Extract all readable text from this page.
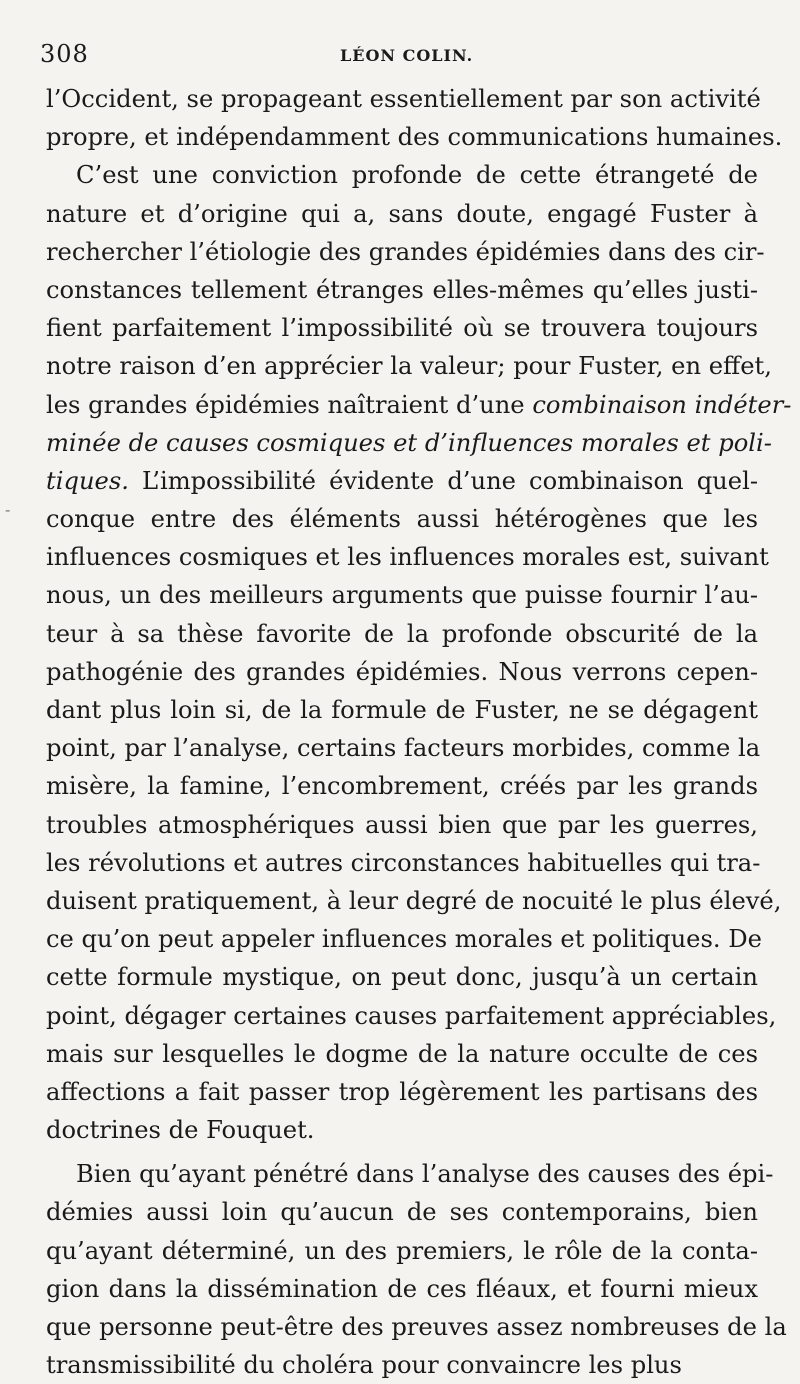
308	LÉON COLIN.
-
l’Occident, se propageant essentiellement par son activité
propre, et indépendamment des communications humaines.
C’est une conviction profonde de cette étrangeté de
nature et d’origine qui a, sans doute, engagé Fuster à
rechercher l’étiologie des grandes épidémies dans des cir-
constances tellement étranges elles-mêmes qu’elles justi-
fient parfaitement l’impossibilité où se trouvera toujours
notre raison d’en apprécier la valeur; pour Fuster, en effet,
les grandes épidémies naîtraient d’une combinaison indéter-
minée de causes cosmiques et d’influences morales et poli-
tiques. L’impossibilité évidente d’une combinaison quel-
conque entre des éléments aussi hétérogènes que les
influences cosmiques et les influences morales est, suivant
nous, un des meilleurs arguments que puisse fournir l’au-
teur à sa thèse favorite de la profonde obscurité de la
pathogénie des grandes épidémies. Nous verrons cepen-
dant plus loin si, de la formule de Fuster, ne se dégagent
point, par l’analyse, certains facteurs morbides, comme la
misère, la famine, l’encombrement, créés par les grands
troubles atmosphériques aussi bien que par les guerres,
les révolutions et autres circonstances habituelles qui tra-
duisent pratiquement, à leur degré de nocuité le plus élevé,
ce qu’on peut appeler influences morales et politiques. De
cette formule mystique, on peut donc, jusqu’à un certain
point, dégager certaines causes parfaitement appréciables,
mais sur lesquelles le dogme de la nature occulte de ces
affections a fait passer trop légèrement les partisans des
doctrines de Fouquet.
Bien qu’ayant pénétré dans l’analyse des causes des épi-
démies aussi loin qu’aucun de ses contemporains, bien
qu’ayant déterminé, un des premiers, le rôle de la conta-
gion dans la dissémination de ces fléaux, et fourni mieux
que personne peut-être des preuves assez nombreuses de la
transmissibilité du choléra pour convaincre les plus
